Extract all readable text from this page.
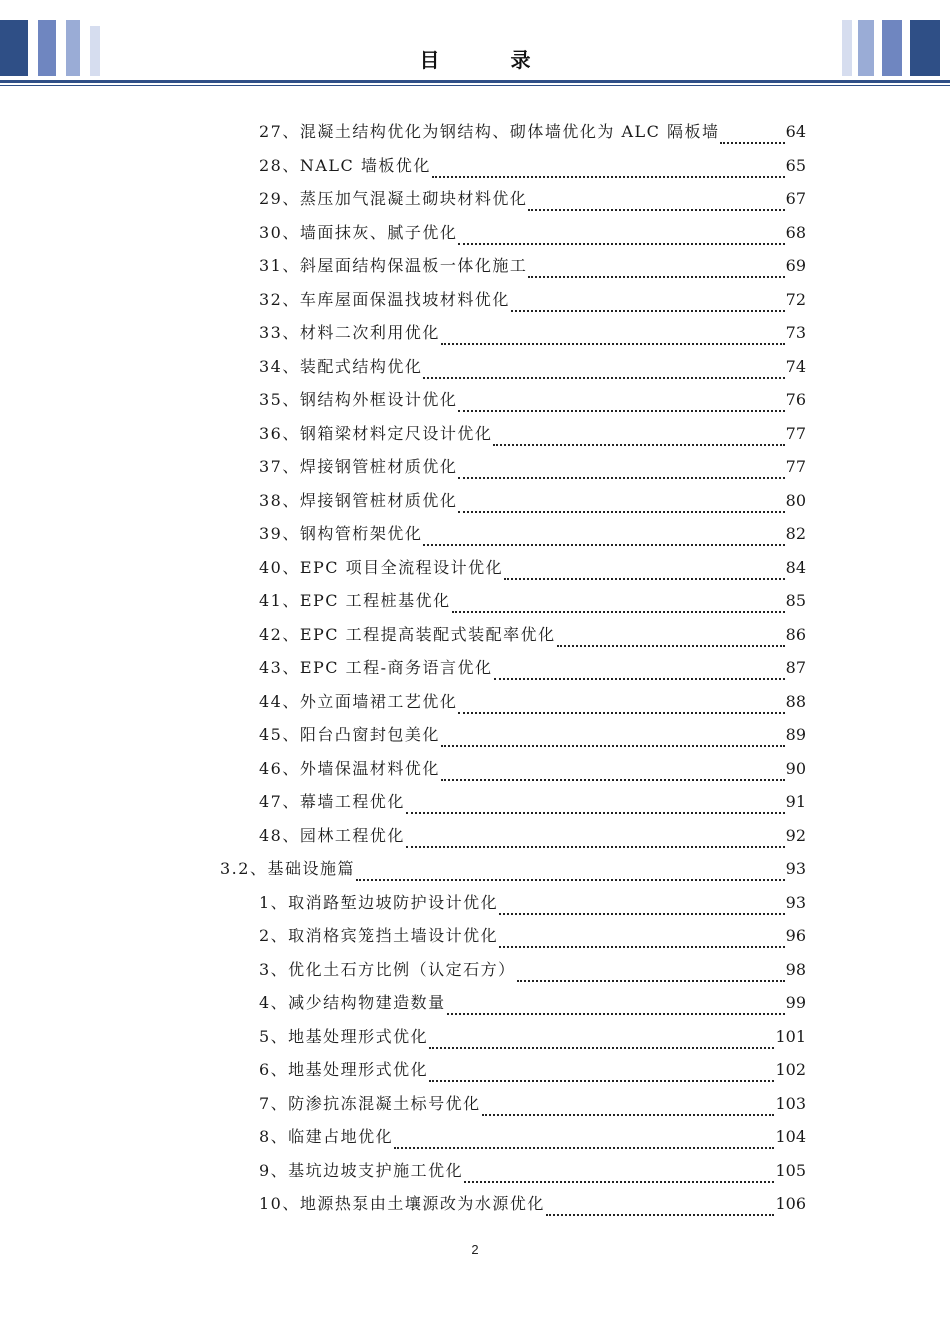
目 录
27、混凝土结构优化为钢结构、砌体墙优化为 ALC 隔板墙	64
28、NALC 墙板优化	65
29、蒸压加气混凝土砌块材料优化	67
30、墙面抹灰、腻子优化	68
31、斜屋面结构保温板一体化施工	69
32、车库屋面保温找坡材料优化	72
33、材料二次利用优化	73
34、装配式结构优化	74
35、钢结构外框设计优化	76
36、钢箱梁材料定尺设计优化	77
37、焊接钢管桩材质优化	77
38、焊接钢管桩材质优化	80
39、钢构管桁架优化	82
40、EPC 项目全流程设计优化	84
41、EPC 工程桩基优化	85
42、EPC 工程提高装配式装配率优化	86
43、EPC 工程-商务语言优化	87
44、外立面墙裙工艺优化	88
45、阳台凸窗封包美化	89
46、外墙保温材料优化	90
47、幕墙工程优化	91
48、园林工程优化	92
3.2、基础设施篇	93
1、取消路堑边坡防护设计优化	93
2、取消格宾笼挡土墙设计优化	96
3、优化土石方比例（认定石方）	98
4、减少结构物建造数量	99
5、地基处理形式优化	101
6、地基处理形式优化	102
7、防渗抗冻混凝土标号优化	103
8、临建占地优化	104
9、基坑边坡支护施工优化	105
10、地源热泵由土壤源改为水源优化	106
2
